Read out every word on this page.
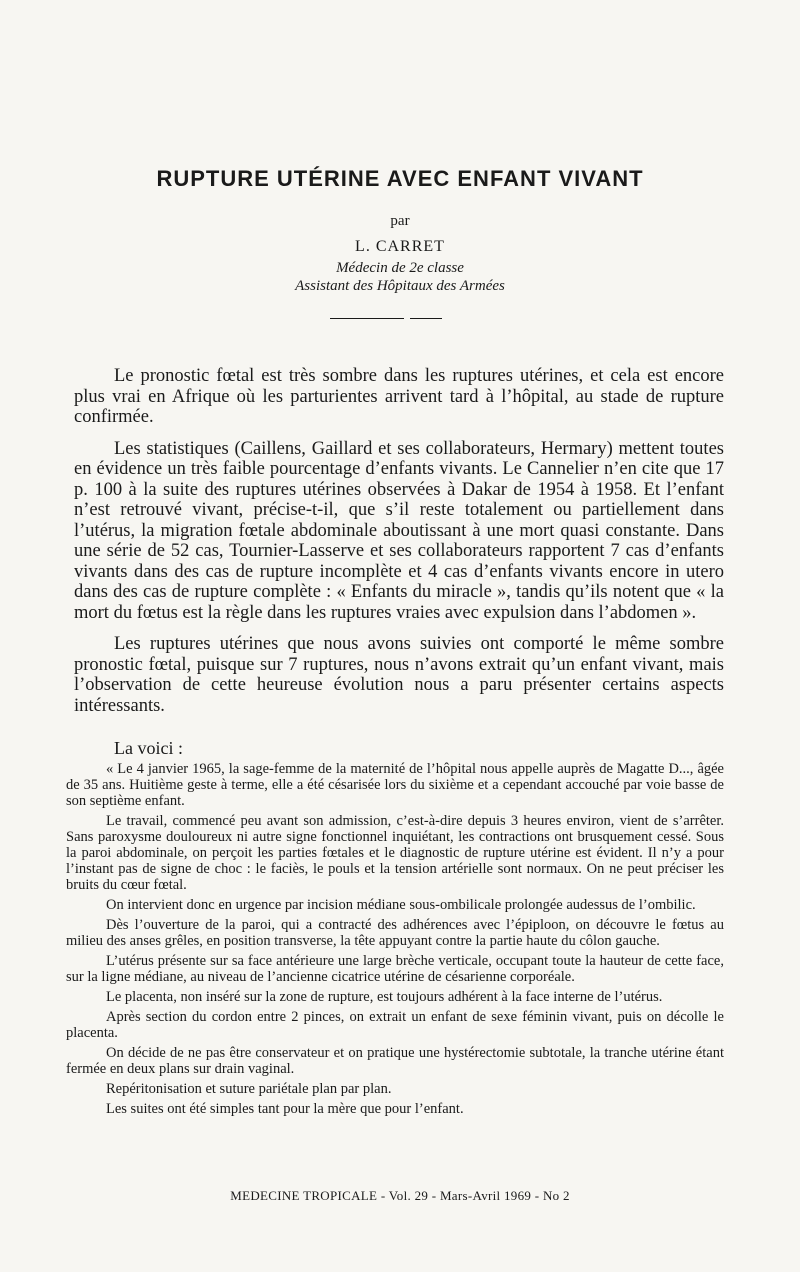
RUPTURE UTÉRINE AVEC ENFANT VIVANT
par
L. CARRET
Médecin de 2e classe
Assistant des Hôpitaux des Armées

Le pronostic fœtal est très sombre dans les ruptures utérines, et cela est encore plus vrai en Afrique où les parturientes arrivent tard à l’hôpital, au stade de rupture confirmée.

Les statistiques (Caillens, Gaillard et ses collaborateurs, Hermary) mettent toutes en évidence un très faible pourcentage d’enfants vivants. Le Cannelier n’en cite que 17 p. 100 à la suite des ruptures utérines observées à Dakar de 1954 à 1958. Et l’enfant n’est retrouvé vivant, précise-t-il, que s’il reste totalement ou partiellement dans l’utérus, la migration fœtale abdominale aboutissant à une mort quasi constante. Dans une série de 52 cas, Tournier-Lasserve et ses collaborateurs rapportent 7 cas d’enfants vivants dans des cas de rupture incomplète et 4 cas d’enfants vivants encore in utero dans des cas de rupture complète : « Enfants du miracle », tandis qu’ils notent que « la mort du fœtus est la règle dans les ruptures vraies avec expulsion dans l’abdomen ».

Les ruptures utérines que nous avons suivies ont comporté le même sombre pronostic fœtal, puisque sur 7 ruptures, nous n’avons extrait qu’un enfant vivant, mais l’observation de cette heureuse évolution nous a paru présenter certains aspects intéressants.

La voici :

« Le 4 janvier 1965, la sage-femme de la maternité de l’hôpital nous appelle auprès de Magatte D..., âgée de 35 ans. Huitième geste à terme, elle a été césarisée lors du sixième et a cependant accouché par voie basse de son septième enfant.

Le travail, commencé peu avant son admission, c’est-à-dire depuis 3 heures environ, vient de s’arrêter. Sans paroxysme douloureux ni autre signe fonctionnel inquiétant, les contractions ont brusquement cessé. Sous la paroi abdominale, on perçoit les parties fœtales et le diagnostic de rupture utérine est évident. Il n’y a pour l’instant pas de signe de choc : le faciès, le pouls et la tension artérielle sont normaux. On ne peut préciser les bruits du cœur fœtal.

On intervient donc en urgence par incision médiane sous-ombilicale prolongée audessus de l’ombilic.

Dès l’ouverture de la paroi, qui a contracté des adhérences avec l’épiploon, on découvre le fœtus au milieu des anses grêles, en position transverse, la tête appuyant contre la partie haute du côlon gauche.

L’utérus présente sur sa face antérieure une large brèche verticale, occupant toute la hauteur de cette face, sur la ligne médiane, au niveau de l’ancienne cicatrice utérine de césarienne corporéale.

Le placenta, non inséré sur la zone de rupture, est toujours adhérent à la face interne de l’utérus.

Après section du cordon entre 2 pinces, on extrait un enfant de sexe féminin vivant, puis on décolle le placenta.

On décide de ne pas être conservateur et on pratique une hystérectomie subtotale, la tranche utérine étant fermée en deux plans sur drain vaginal.

Repéritonisation et suture pariétale plan par plan.

Les suites ont été simples tant pour la mère que pour l’enfant.

MEDECINE TROPICALE - Vol. 29 - Mars-Avril 1969 - No 2
